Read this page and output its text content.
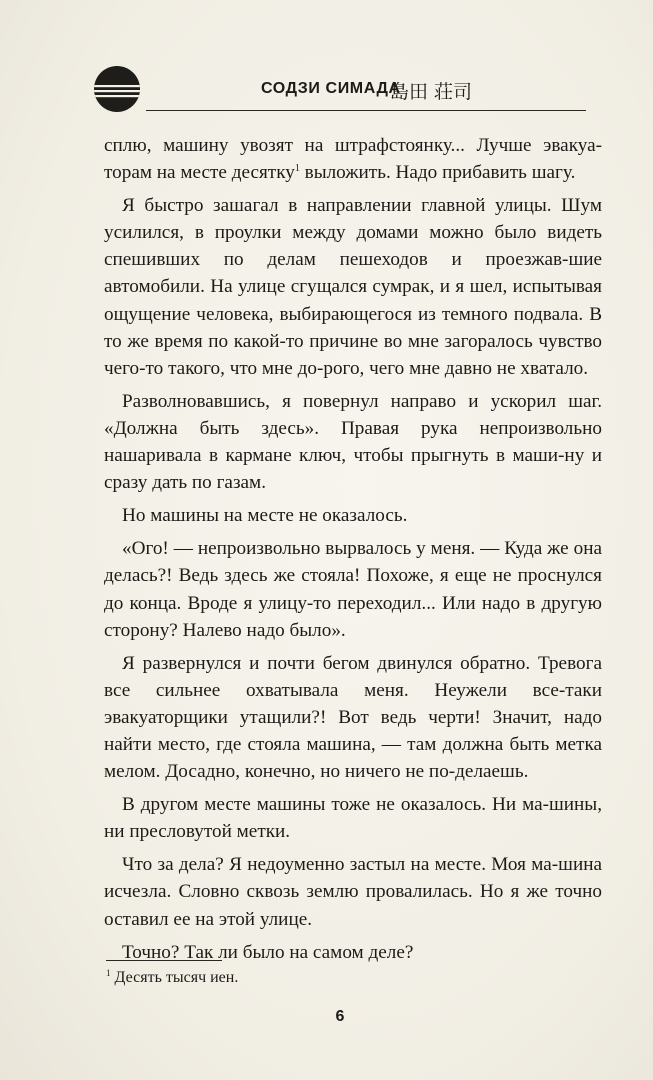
СОДЗИ СИМАДА
島田 荘司

сплю, машину увозят на штрафстоянку... Лучше эвакуа- торам на месте десятку$^1$ выложить. Надо прибавить шагу.

Я быстро зашагал в направлении главной улицы. Шум усилился, в проулки между домами можно было видеть спешивших по делам пешеходов и проезжав-шие автомобили. На улице сгущался сумрак, и я шел, испытывая ощущение человека, выбирающегося из темного подвала. В то же время по какой-то причине во мне загоралось чувство чего-то такого, что мне до-рого, чего мне давно не хватало.

Разволновавшись, я повернул направо и ускорил шаг. «Должна быть здесь». Правая рука непроизвольно нашаривала в кармане ключ, чтобы прыгнуть в маши-ну и сразу дать по газам.

Но машины на месте не оказалось.

«Ого! — непроизвольно вырвалось у меня. — Куда же она делась?! Ведь здесь же стояла! Похоже, я еще не проснулся до конца. Вроде я улицу-то переходил... Или надо в другую сторону? Налево надо было».

Я развернулся и почти бегом двинулся обратно. Тревога все сильнее охватывала меня. Неужели все-таки эвакуаторщики утащили?! Вот ведь черти! Значит, надо найти место, где стояла машина, — там должна быть метка мелом. Досадно, конечно, но ничего не по-делаешь.

В другом месте машины тоже не оказалось. Ни ма-шины, ни пресловутой метки.

Что за дела? Я недоуменно застыл на месте. Моя ма-шина исчезла. Словно сквозь землю провалилась. Но я же точно оставил ее на этой улице.

Точно? Так ли было на самом деле?

$^1$ Десять тысяч иен.
6
